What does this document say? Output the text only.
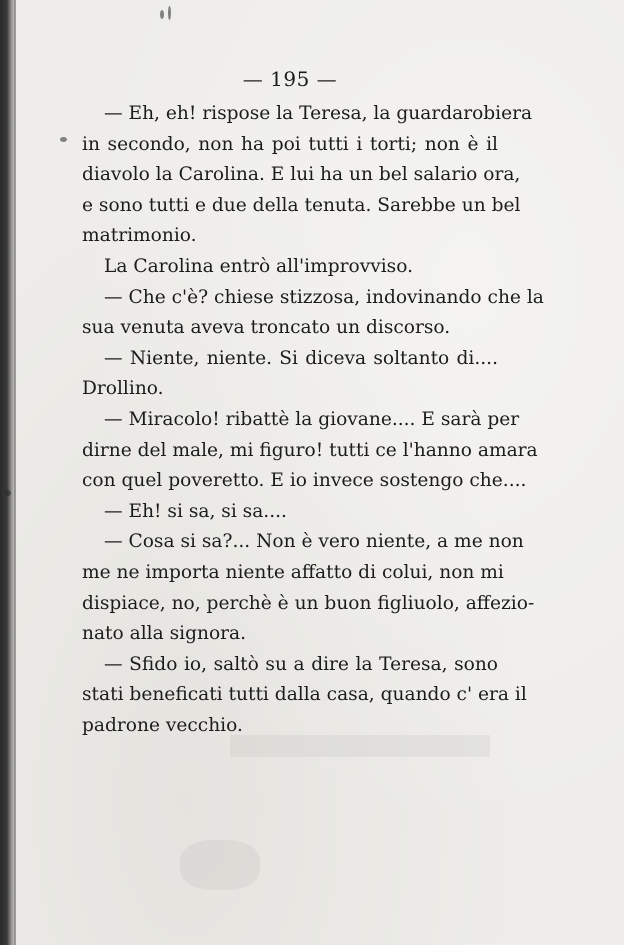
— 195 —
— Eh, eh! rispose la Teresa, la guardarobiera
in secondo, non ha poi tutti i torti; non è il
diavolo la Carolina. E lui ha un bel salario ora,
e sono tutti e due della tenuta. Sarebbe un bel
matrimonio.
La Carolina entrò all'improvviso.
— Che c'è? chiese stizzosa, indovinando che la
sua venuta aveva troncato un discorso.
— Niente, niente. Si diceva soltanto di....
Drollino.
— Miracolo! ribattè la giovane.... E sarà per
dirne del male, mi figuro! tutti ce l'hanno amara
con quel poveretto. E io invece sostengo che....
— Eh! si sa, si sa....
— Cosa si sa?... Non è vero niente, a me non
me ne importa niente affatto di colui, non mi
dispiace, no, perchè è un buon figliuolo, affezio-
nato alla signora.
— Sfido io, saltò su a dire la Teresa, sono
stati beneficati tutti dalla casa, quando c' era il
padrone vecchio.
